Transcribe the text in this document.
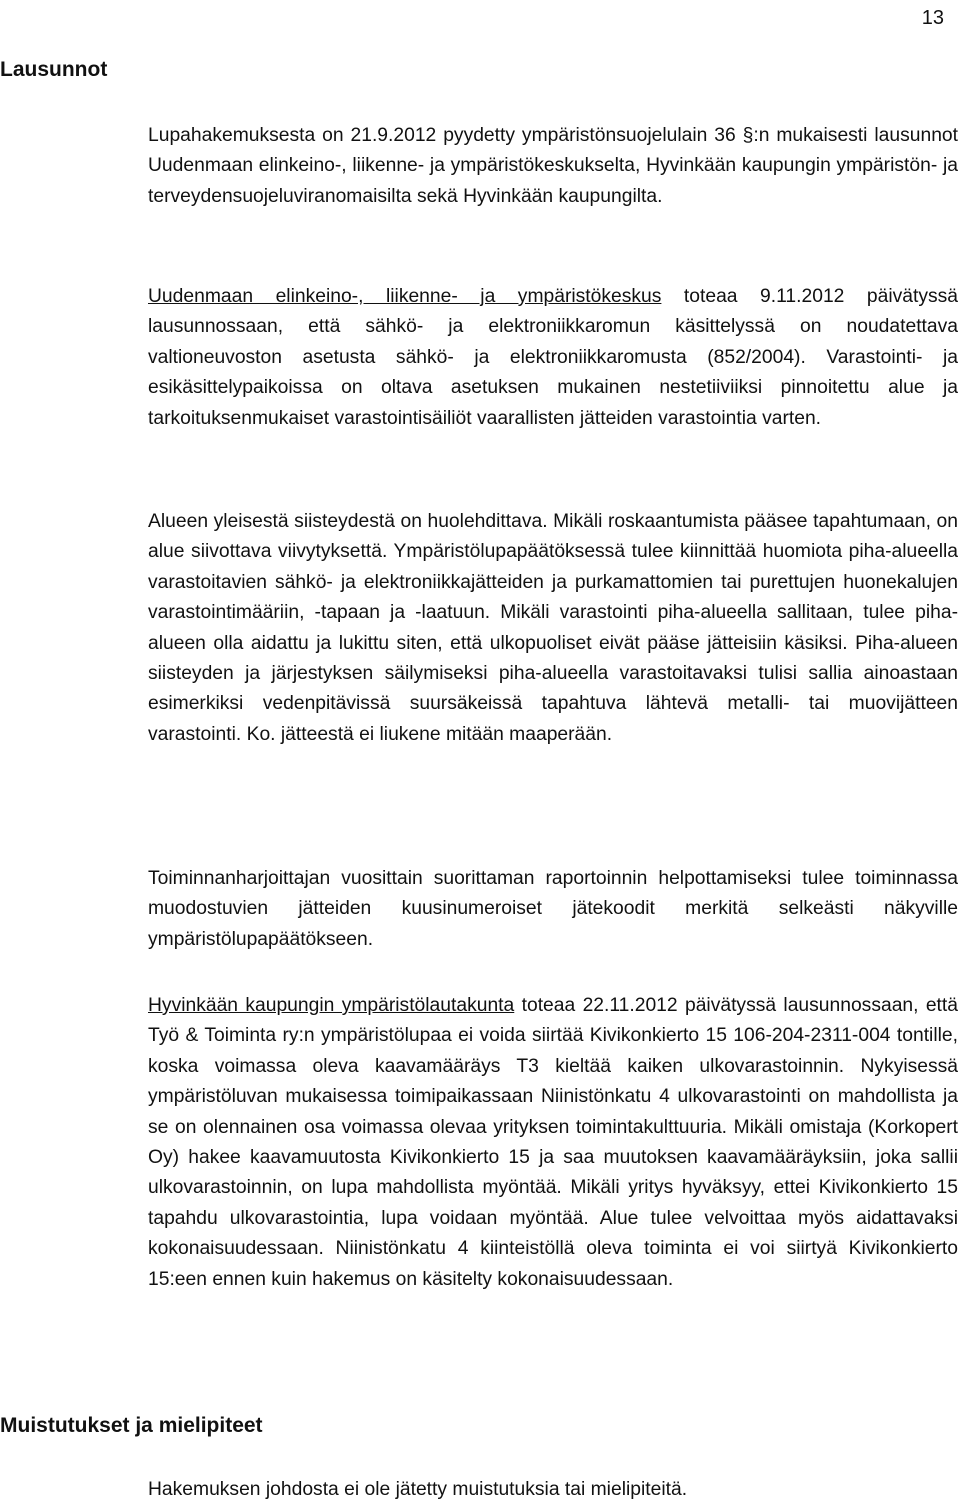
13
Lausunnot

Lupahakemuksesta on 21.9.2012 pyydetty ympäristönsuojelulain 36 §:n mukaisesti lausunnot Uudenmaan elinkeino-, liikenne- ja ympäristökeskukselta, Hyvinkään kaupungin ympäristön- ja terveydensuojeluviranomaisilta sekä Hyvinkään kaupungilta.

Uudenmaan elinkeino-, liikenne- ja ympäristökeskus toteaa 9.11.2012 päivätyssä lausunnossaan, että sähkö- ja elektroniikkaromun käsittelyssä on noudatettava valtioneuvoston asetusta sähkö- ja elektroniikkaromusta (852/2004). Varastointi- ja esikäsittelypaikoissa on oltava asetuksen mukainen nestetiiviiksi pinnoitettu alue ja tarkoituksenmukaiset varastointisäiliöt vaarallisten jätteiden varastointia varten.

Alueen yleisestä siisteydestä on huolehdittava. Mikäli roskaantumista pääsee tapahtumaan, on alue siivottava viivytyksettä. Ympäristölupapäätöksessä tulee kiinnittää huomiota piha-alueella varastoitavien sähkö- ja elektroniikkajätteiden ja purkamattomien tai purettujen huonekalujen varastointimääriin, -tapaan ja -laatuun. Mikäli varastointi piha-alueella sallitaan, tulee piha-alueen olla aidattu ja lukittu siten, että ulkopuoliset eivät pääse jätteisiin käsiksi. Piha-alueen siisteyden ja järjestyksen säilymiseksi piha-alueella varastoitavaksi tulisi sallia ainoastaan esimerkiksi vedenpitävissä suursäkeissä tapahtuva lähtevä metalli- tai muovijätteen varastointi. Ko. jätteestä ei liukene mitään maaperään.

Toiminnanharjoittajan vuosittain suorittaman raportoinnin helpottamiseksi tulee toiminnassa muodostuvien jätteiden kuusinumeroiset jätekoodit merkitä selkeästi näkyville ympäristölupapäätökseen.

Hyvinkään kaupungin ympäristölautakunta toteaa 22.11.2012 päivätyssä lausunnossaan, että Työ & Toiminta ry:n ympäristölupaa ei voida siirtää Kivikonkierto 15 106-204-2311-004 tontille, koska voimassa oleva kaavamääräys T3 kieltää kaiken ulkovarastoinnin. Nykyisessä ympäristöluvan mukaisessa toimipaikassaan Niinistönkatu 4 ulkovarastointi on mahdollista ja se on olennainen osa voimassa olevaa yrityksen toimintakulttuuria. Mikäli omistaja (Korkopert Oy) hakee kaavamuutosta Kivikonkierto 15 ja saa muutoksen kaavamääräyksiin, joka sallii ulkovarastoinnin, on lupa mahdollista myöntää. Mikäli yritys hyväksyy, ettei Kivikonkierto 15 tapahdu ulkovarastointia, lupa voidaan myöntää. Alue tulee velvoittaa myös aidattavaksi kokonaisuudessaan. Niinistönkatu 4 kiinteistöllä oleva toiminta ei voi siirtyä Kivikonkierto 15:een ennen kuin hakemus on käsitelty kokonaisuudessaan.

Muistutukset ja mielipiteet

Hakemuksen johdosta ei ole jätetty muistutuksia tai mielipiteitä.
